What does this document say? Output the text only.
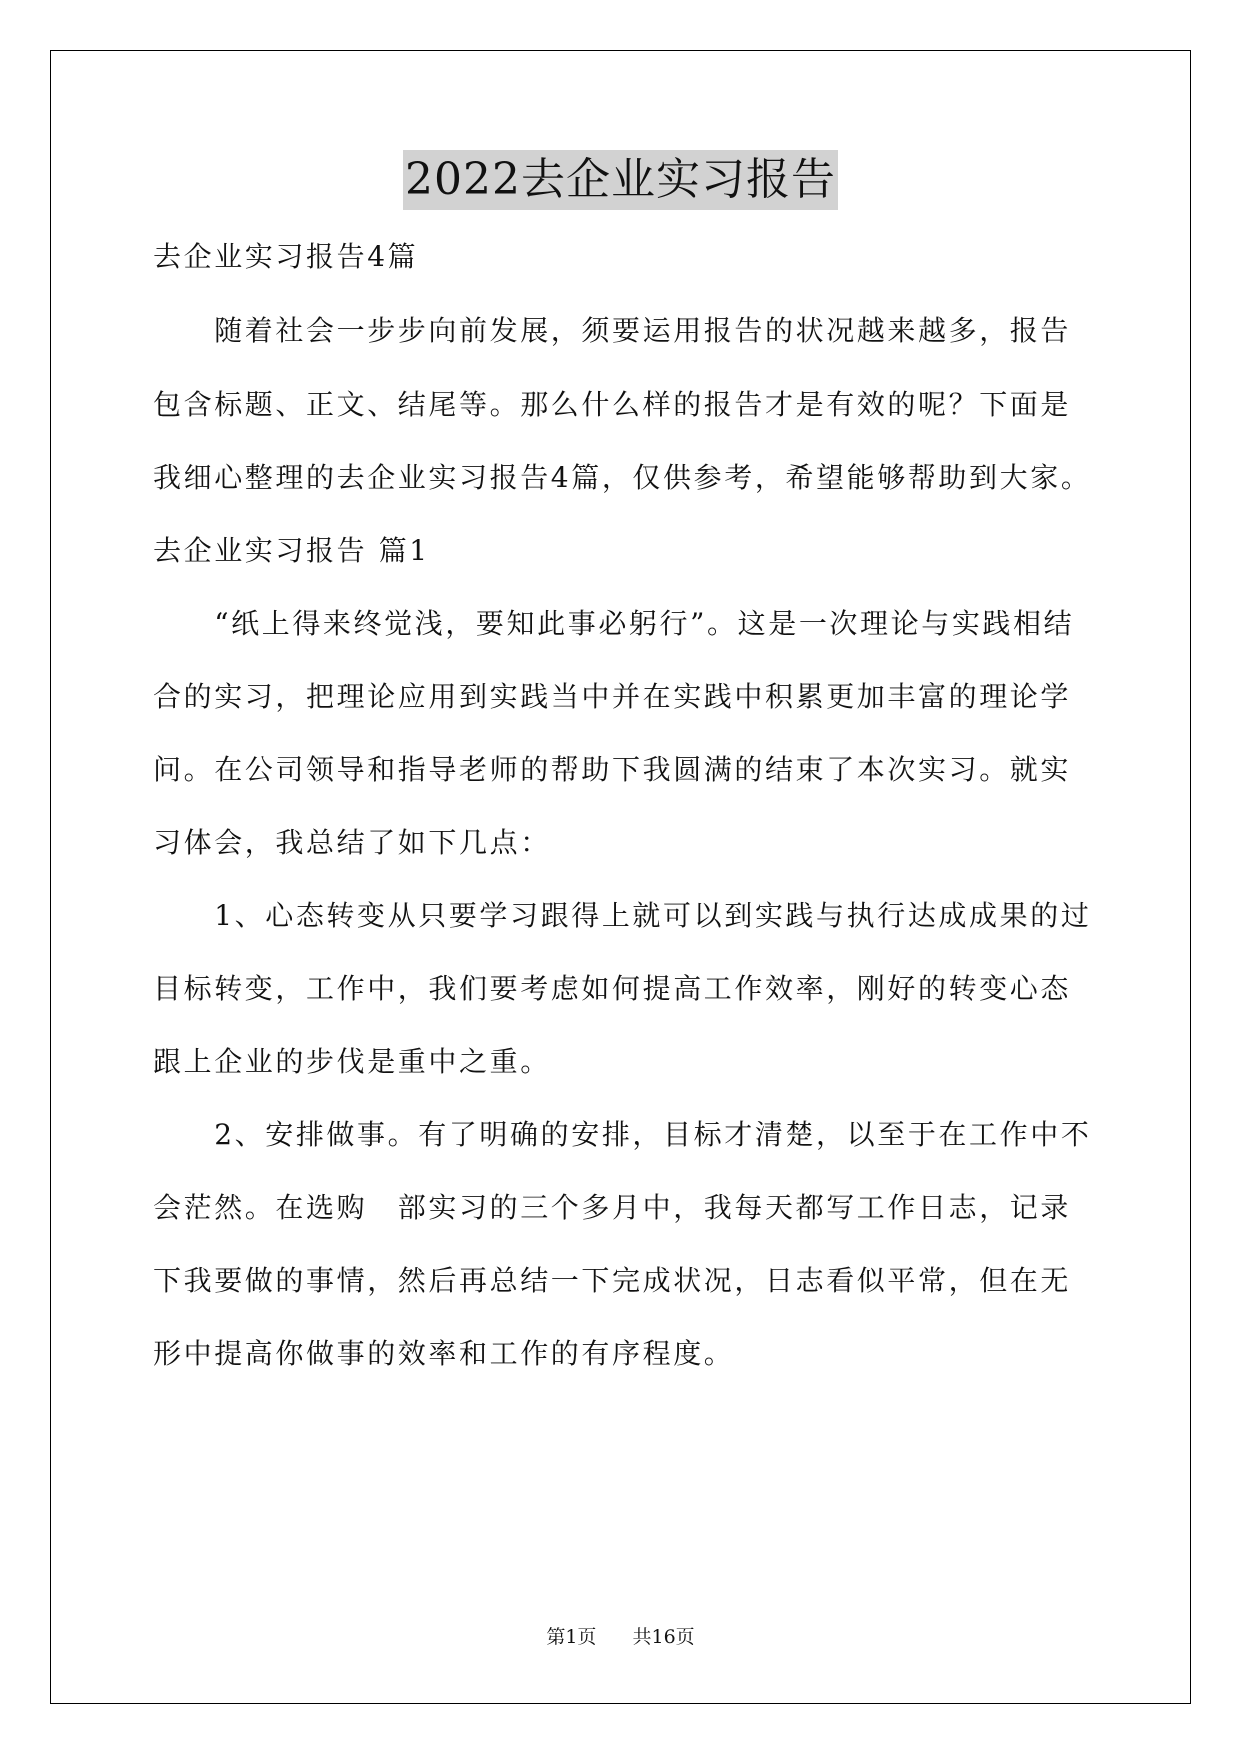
2022去企业实习报告
去企业实习报告4篇
　　随着社会一步步向前发展，须要运用报告的状况越来越多，报告
包含标题、正文、结尾等。那么什么样的报告才是有效的呢？下面是
我细心整理的去企业实习报告4篇，仅供参考，希望能够帮助到大家。
去企业实习报告 篇1
　　“纸上得来终觉浅，要知此事必躬行”。这是一次理论与实践相结
合的实习，把理论应用到实践当中并在实践中积累更加丰富的理论学
问。在公司领导和指导老师的帮助下我圆满的结束了本次实习。就实
习体会，我总结了如下几点：
　　1、心态转变从只要学习跟得上就可以到实践与执行达成成果的过
目标转变，工作中，我们要考虑如何提高工作效率，刚好的转变心态
跟上企业的步伐是重中之重。
　　2、安排做事。有了明确的安排，目标才清楚，以至于在工作中不
会茫然。在选购　部实习的三个多月中，我每天都写工作日志，记录
下我要做的事情，然后再总结一下完成状况，日志看似平常，但在无
形中提高你做事的效率和工作的有序程度。
第1页 共16页
